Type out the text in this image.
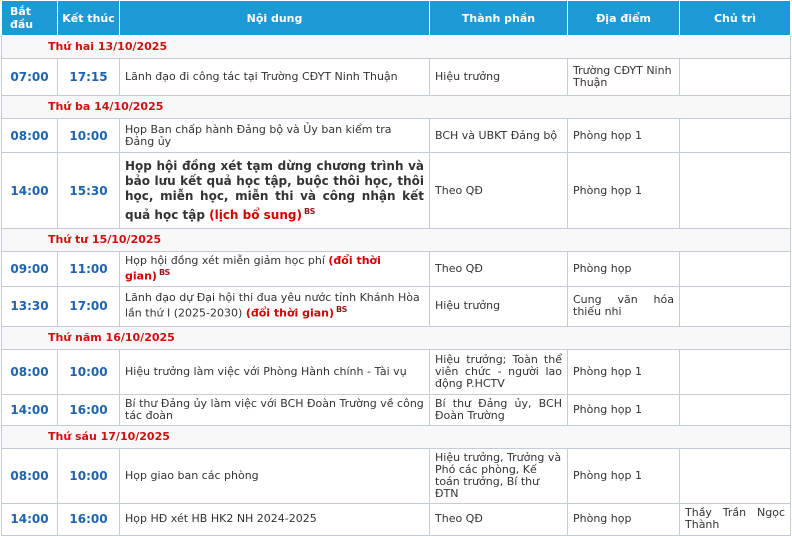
Bắt đầu	Kết thúc	Nội dung	Thành phần	Địa điểm	Chủ trì
Thứ hai 13/10/2025					
07:00	17:15	Lãnh đạo đi công tác tại Trường CĐYT Ninh Thuận	Hiệu trưởng	Trường CĐYT Ninh Thuận	
Thứ ba 14/10/2025					
08:00	10:00	Họp Ban chấp hành Đảng bộ và Ủy ban kiểm tra Đảng ủy	BCH và UBKT Đảng bộ	Phòng họp 1	
14:00	15:30	Họp hội đồng xét tạm dừng chương trình và bảo lưu kết quả học tập, buộc thôi học, thôi học, miễn học, miễn thi và công nhận kết quả học tập (lịch bổ sung) $^{BS}$	Theo QĐ	Phòng họp 1	
Thứ tư 15/10/2025					
09:00	11:00	Họp hội đồng xét miễn giảm học phí (đổi thời gian) $^{BS}$	Theo QĐ	Phòng họp	
13:30	17:00	Lãnh đạo dự Đại hội thi đua yêu nước tỉnh Khánh Hòa lần thứ I (2025-2030) (đổi thời gian) $^{BS}$	Hiệu trưởng	Cung văn hóa thiếu nhi	
Thứ năm 16/10/2025					
08:00	10:00	Hiệu trưởng làm việc với Phòng Hành chính - Tài vụ	Hiệu trưởng; Toàn thể viên chức - người lao động P.HCTV	Phòng họp 1	
14:00	16:00	Bí thư Đảng ủy làm việc với BCH Đoàn Trường về công tác đoàn	Bí thư Đảng ủy, BCH Đoàn Trường	Phòng họp 1	
Thứ sáu 17/10/2025					
08:00	10:00	Họp giao ban các phòng	Hiệu trưởng, Trưởng và Phó các phòng, Kế toán trưởng, Bí thư ĐTN	Phòng họp 1	
14:00	16:00	Họp HĐ xét HB HK2 NH 2024-2025	Theo QĐ	Phòng họp	Thầy Trần Ngọc Thành
